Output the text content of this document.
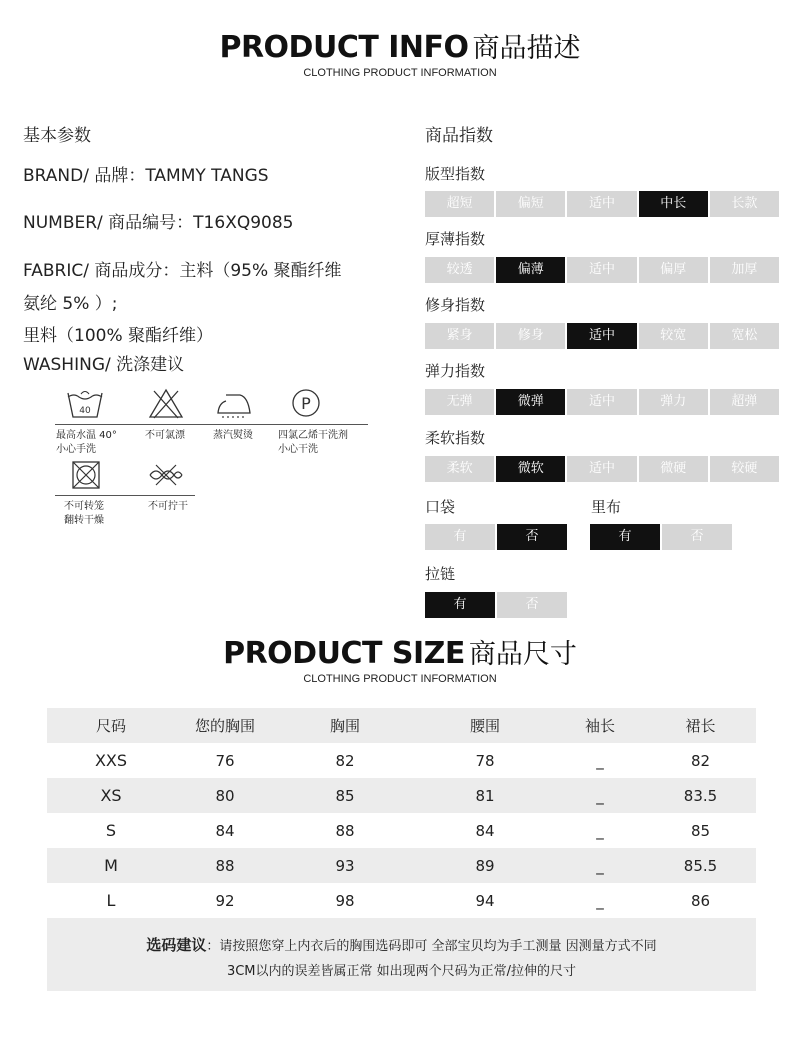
PRODUCT INFO 商品描述
CLOTHING PRODUCT INFORMATION
基本参数
BRAND/ 品牌：TAMMY TANGS
NUMBER/ 商品编号：T16XQ9085
FABRIC/ 商品成分：主料（95% 聚酯纤维
氨纶 5% ）;
里料（100% 聚酯纤维）
WASHING/ 洗涤建议
40	P
最高水温 40°
小心手洗
不可氯漂	蒸汽熨烫	四氯乙烯干洗剂
小心干洗
不可转笼
翻转干燥
不可拧干
商品指数
版型指数
超短	偏短	适中	中长	长款
厚薄指数
较透	偏薄	适中	偏厚	加厚
修身指数
紧身	修身	适中	较宽	宽松
弹力指数
无弹	微弹	适中	弹力	超弹
柔软指数
柔软	微软	适中	微硬	较硬
口袋
有	否
里布
有	否
拉链
有	否
PRODUCT SIZE 商品尺寸
CLOTHING PRODUCT INFORMATION
尺码	您的胸围	胸围	腰围	袖长	裙长
XXS	76	82	78	_	82
XS	80	85	81	_	83.5
S	84	88	84	_	85
M	88	93	89	_	85.5
L	92	98	94	_	86
选码建议：请按照您穿上内衣后的胸围选码即可 全部宝贝均为手工测量 因测量方式不同
3CM以内的误差皆属正常 如出现两个尺码为正常/拉伸的尺寸
